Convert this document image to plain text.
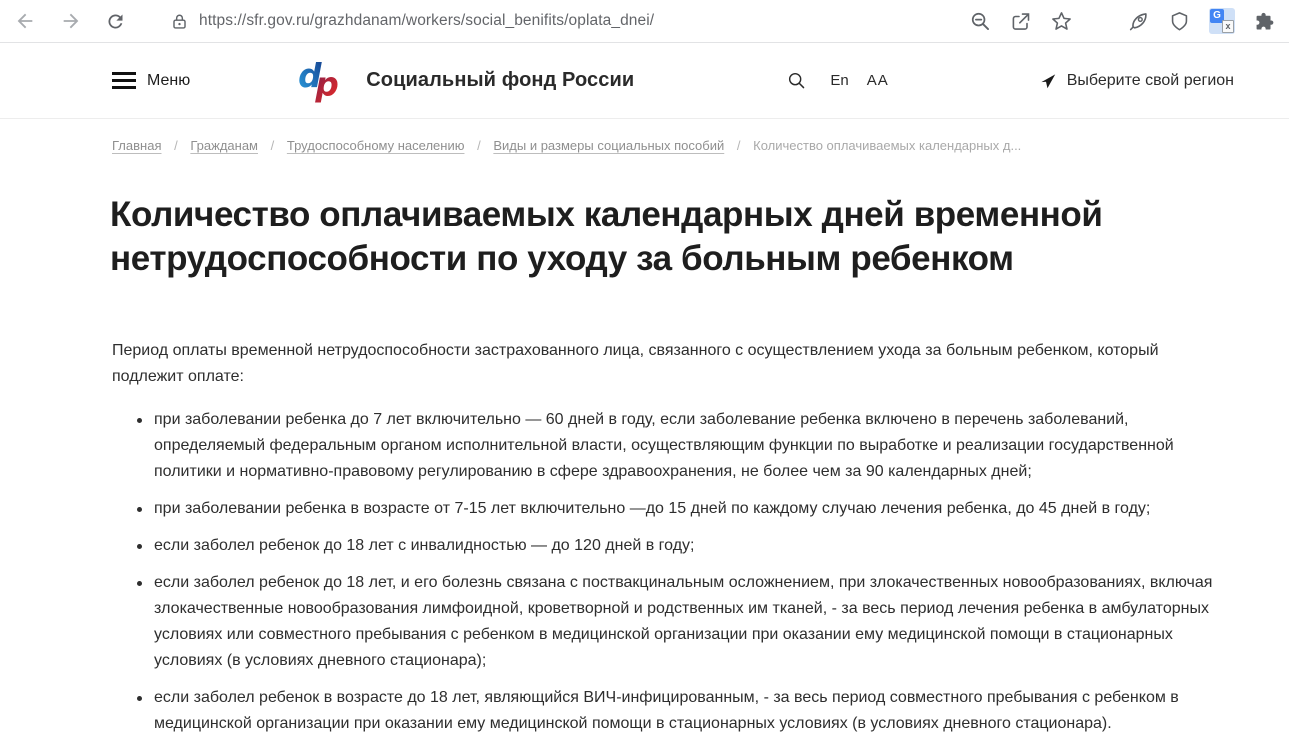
https://sfr.gov.ru/grazhdanam/workers/social_benifits/oplata_dnei/	G
x
Меню	d
p Социальный фонд России	En AA	Выберите свой регион
Главная / Гражданам / Трудоспособному населению / Виды и размеры социальных пособий / Количество оплачиваемых календарных д...
Количество оплачиваемых календарных дней временной нетрудоспособности по уходу за больным ребенком

Период оплаты временной нетрудоспособности застрахованного лица, связанного с осуществлением ухода за больным ребенком, который подлежит оплате:

при заболевании ребенка до 7 лет включительно — 60 дней в году, если заболевание ребенка включено в перечень заболеваний, определяемый федеральным органом исполнительной власти, осуществляющим функции по выработке и реализации государственной политики и нормативно-правовому регулированию в сфере здравоохранения, не более чем за 90 календарных дней;
при заболевании ребенка в возрасте от 7-15 лет включительно —до 15 дней по каждому случаю лечения ребенка, до 45 дней в году;
если заболел ребенок до 18 лет с инвалидностью — до 120 дней в году;
если заболел ребенок до 18 лет, и его болезнь связана с поствакцинальным осложнением, при злокачественных новообразованиях, включая злокачественные новообразования лимфоидной, кроветворной и родственных им тканей, - за весь период лечения ребенка в амбулаторных условиях или совместного пребывания с ребенком в медицинской организации при оказании ему медицинской помощи в стационарных условиях (в условиях дневного стационара);
если заболел ребенок в возрасте до 18 лет, являющийся ВИЧ-инфицированным, - за весь период совместного пребывания с ребенком в медицинской организации при оказании ему медицинской помощи в стационарных условиях (в условиях дневного стационара).
